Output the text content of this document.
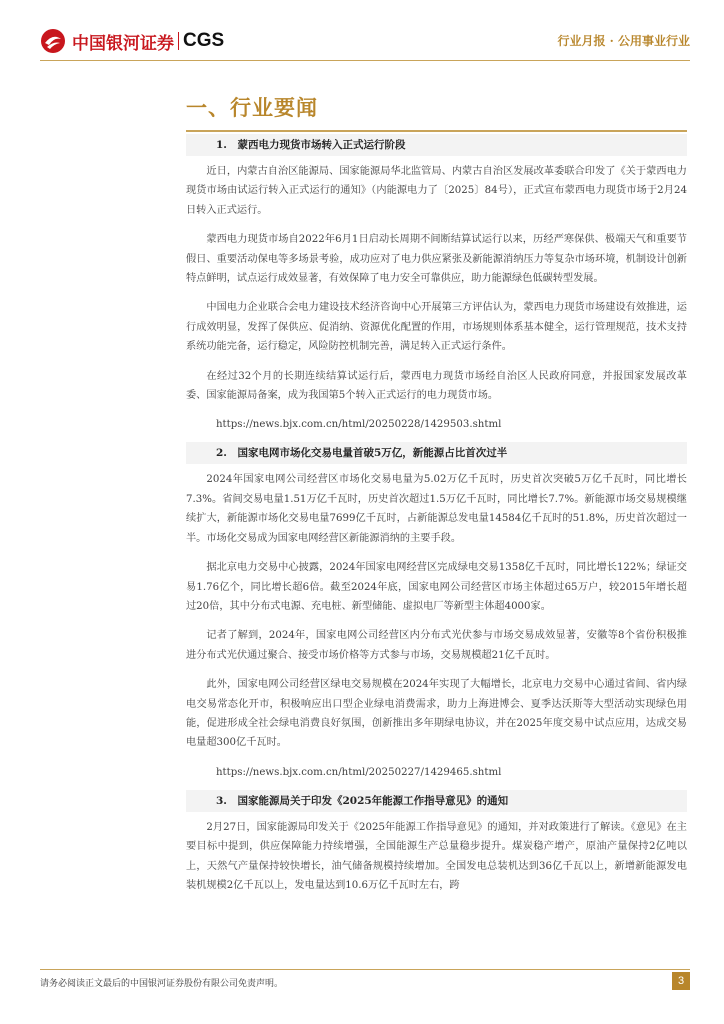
中国银河证券 CGS	行业月报 · 公用事业行业
一、行业要闻
1.　蒙西电力现货市场转入正式运行阶段

近日，内蒙古自治区能源局、国家能源局华北监管局、内蒙古自治区发展改革委联合印发了《关于蒙西电力现货市场由试运行转入正式运行的通知》（内能源电力了〔2025〕84号），正式宣布蒙西电力现货市场于2月24日转入正式运行。

蒙西电力现货市场自2022年6月1日启动长周期不间断结算试运行以来，历经严寒保供、极端天气和重要节假日、重要活动保电等多场景考验，成功应对了电力供应紧张及新能源消纳压力等复杂市场环境，机制设计创新特点鲜明，试点运行成效显著，有效保障了电力安全可靠供应，助力能源绿色低碳转型发展。

中国电力企业联合会电力建设技术经济咨询中心开展第三方评估认为，蒙西电力现货市场建设有效推进，运行成效明显，发挥了保供应、促消纳、资源优化配置的作用，市场规则体系基本健全，运行管理规范，技术支持系统功能完备，运行稳定，风险防控机制完善，满足转入正式运行条件。

在经过32个月的长期连续结算试运行后，蒙西电力现货市场经自治区人民政府同意，并报国家发展改革委、国家能源局备案，成为我国第5个转入正式运行的电力现货市场。

https://news.bjx.com.cn/html/20250228/1429503.shtml
2.　国家电网市场化交易电量首破5万亿，新能源占比首次过半

2024年国家电网公司经营区市场化交易电量为5.02万亿千瓦时，历史首次突破5万亿千瓦时，同比增长7.3%。省间交易电量1.51万亿千瓦时，历史首次超过1.5万亿千瓦时，同比增长7.7%。新能源市场交易规模继续扩大，新能源市场化交易电量7699亿千瓦时，占新能源总发电量14584亿千瓦时的51.8%，历史首次超过一半。市场化交易成为国家电网经营区新能源消纳的主要手段。

据北京电力交易中心披露，2024年国家电网经营区完成绿电交易1358亿千瓦时，同比增长122%；绿证交易1.76亿个，同比增长超6倍。截至2024年底，国家电网公司经营区市场主体超过65万户，较2015年增长超过20倍，其中分布式电源、充电桩、新型储能、虚拟电厂等新型主体超4000家。

记者了解到，2024年，国家电网公司经营区内分布式光伏参与市场交易成效显著，安徽等8个省份积极推进分布式光伏通过聚合、接受市场价格等方式参与市场，交易规模超21亿千瓦时。

此外，国家电网公司经营区绿电交易规模在2024年实现了大幅增长，北京电力交易中心通过省间、省内绿电交易常态化开市，积极响应出口型企业绿电消费需求，助力上海进博会、夏季达沃斯等大型活动实现绿色用能，促进形成全社会绿电消费良好氛围，创新推出多年期绿电协议，并在2025年度交易中试点应用，达成交易电量超300亿千瓦时。

https://news.bjx.com.cn/html/20250227/1429465.shtml
3.　国家能源局关于印发《2025年能源工作指导意见》的通知

2月27日，国家能源局印发关于《2025年能源工作指导意见》的通知，并对政策进行了解读。《意见》在主要目标中提到，供应保障能力持续增强，全国能源生产总量稳步提升。煤炭稳产增产，原油产量保持2亿吨以上，天然气产量保持较快增长，油气储备规模持续增加。全国发电总装机达到36亿千瓦以上，新增新能源发电装机规模2亿千瓦以上，发电量达到10.6万亿千瓦时左右，跨

请务必阅读正文最后的中国银河证券股份有限公司免责声明。	3
